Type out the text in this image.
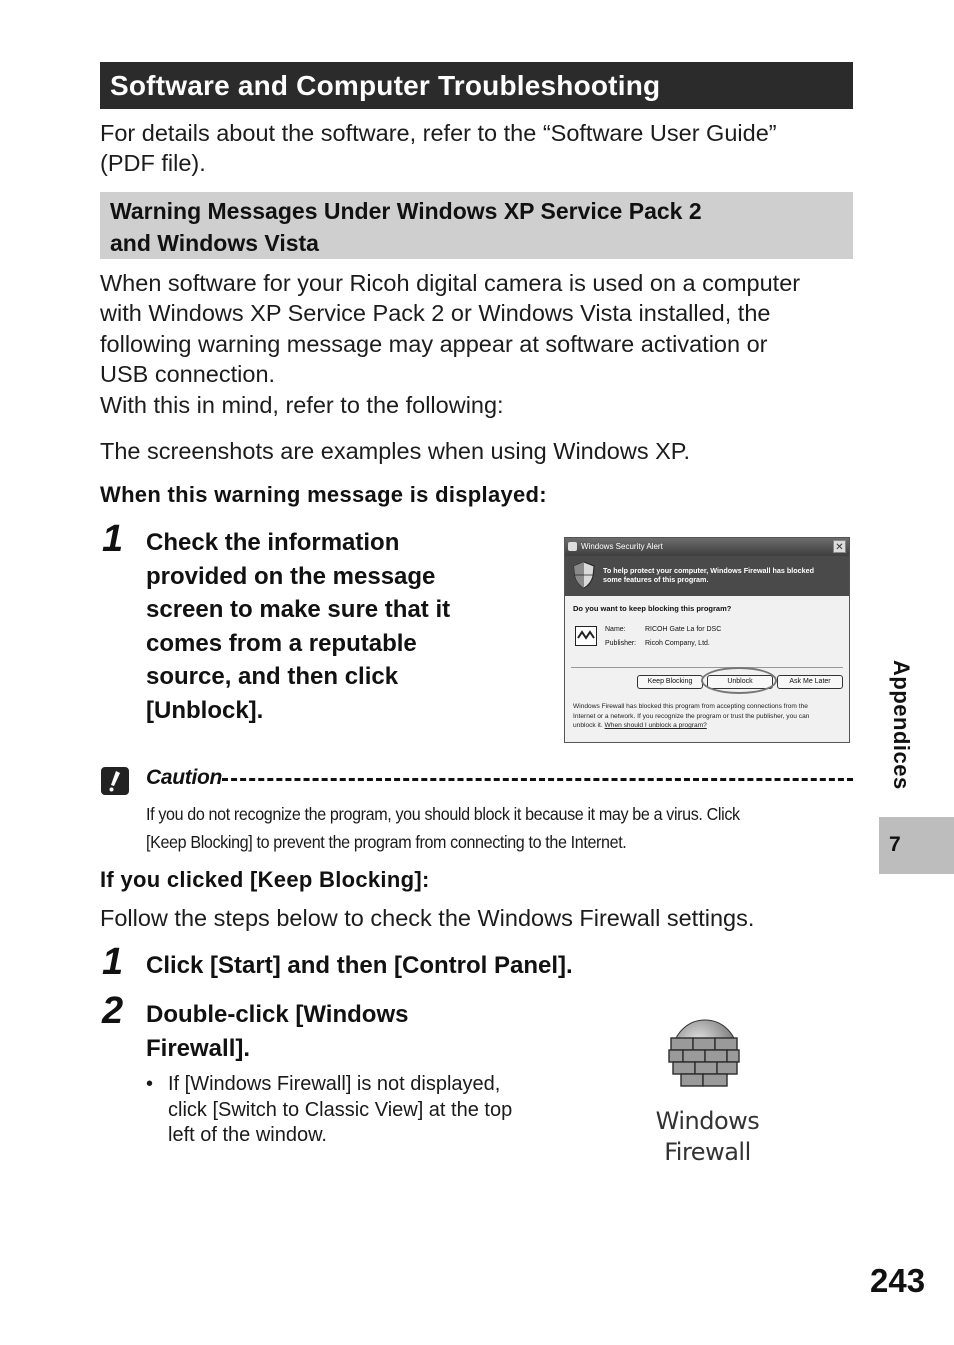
Software and Computer Troubleshooting
For details about the software, refer to the “Software User Guide”
(PDF file).
Warning Messages Under Windows XP Service Pack 2
and Windows Vista
When software for your Ricoh digital camera is used on a computer
with Windows XP Service Pack 2 or Windows Vista installed, the
following warning message may appear at software activation or
USB connection.
With this in mind, refer to the following:
The screenshots are examples when using Windows XP.
When this warning message is displayed:
1 Check the information
provided on the message
screen to make sure that it
comes from a reputable
source, and then click
[Unblock].
Windows Security Alert	✕
To help protect your computer, Windows Firewall has blocked
some features of this program.
Do you want to keep blocking this program?
Name:	RICOH Gate La for DSC
Publisher: Ricoh Company, Ltd.
Keep Blocking	Unblock	Ask Me Later
Windows Firewall has blocked this program from accepting connections from the
Internet or a network. If you recognize the program or trust the publisher, you can
unblock it. When should I unblock a program?
Caution
If you do not recognize the program, you should block it because it may be a virus. Click
[Keep Blocking] to prevent the program from connecting to the Internet.
If you clicked [Keep Blocking]:
Follow the steps below to check the Windows Firewall settings.
1 Click [Start] and then [Control Panel].
2 Double-click [Windows
Firewall].
• If [Windows Firewall] is not displayed,
click [Switch to Classic View] at the top
left of the window.	Windows
Firewall
Appendices
7
243
